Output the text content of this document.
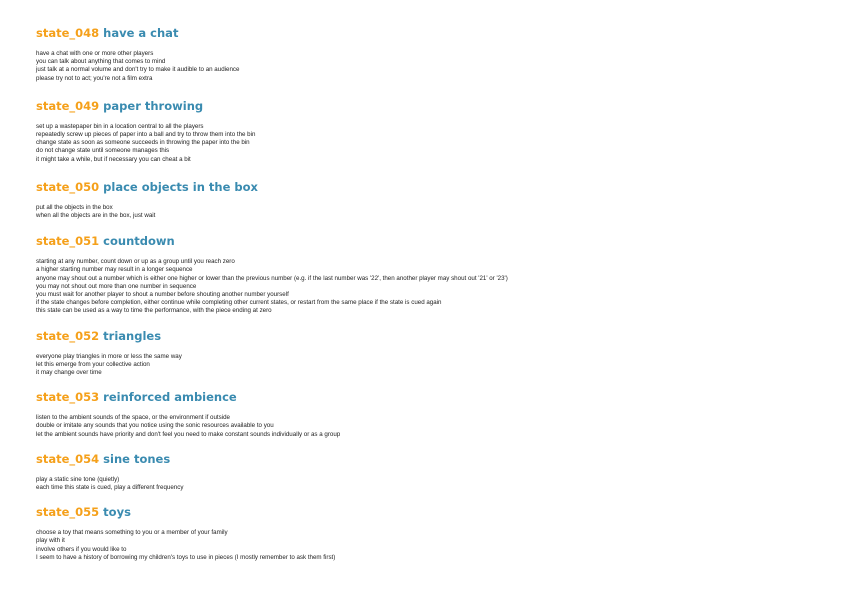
state_048 have a chat
have a chat with one or more other players
you can talk about anything that comes to mind
just talk at a normal volume and don't try to make it audible to an audience
please try not to act; you're not a film extra
state_049 paper throwing
set up a wastepaper bin in a location central to all the players
repeatedly screw up pieces of paper into a ball and try to throw them into the bin
change state as soon as someone succeeds in throwing the paper into the bin
do not change state until someone manages this
it might take a while, but if necessary you can cheat a bit
state_050 place objects in the box
put all the objects in the box
when all the objects are in the box, just wait
state_051 countdown
starting at any number, count down or up as a group until you reach zero
a higher starting number may result in a longer sequence
anyone may shout out a number which is either one higher or lower than the previous number (e.g. if the last number was '22', then another player may shout out '21' or '23')
you may not shout out more than one number in sequence
you must wait for another player to shout a number before shouting another number yourself
if the state changes before completion, either continue while completing other current states, or restart from the same place if the state is cued again
this state can be used as a way to time the performance, with the piece ending at zero
state_052 triangles
everyone play triangles in more or less the same way
let this emerge from your collective action
it may change over time
state_053 reinforced ambience
listen to the ambient sounds of the space, or the environment if outside
double or imitate any sounds that you notice using the sonic resources available to you
let the ambient sounds have priority and don't feel you need to make constant sounds individually or as a group
state_054 sine tones
play a static sine tone (quietly)
each time this state is cued, play a different frequency
state_055 toys
choose a toy that means something to you or a member of your family
play with it
involve others if you would like to
I seem to have a history of borrowing my children's toys to use in pieces (I mostly remember to ask them first)
